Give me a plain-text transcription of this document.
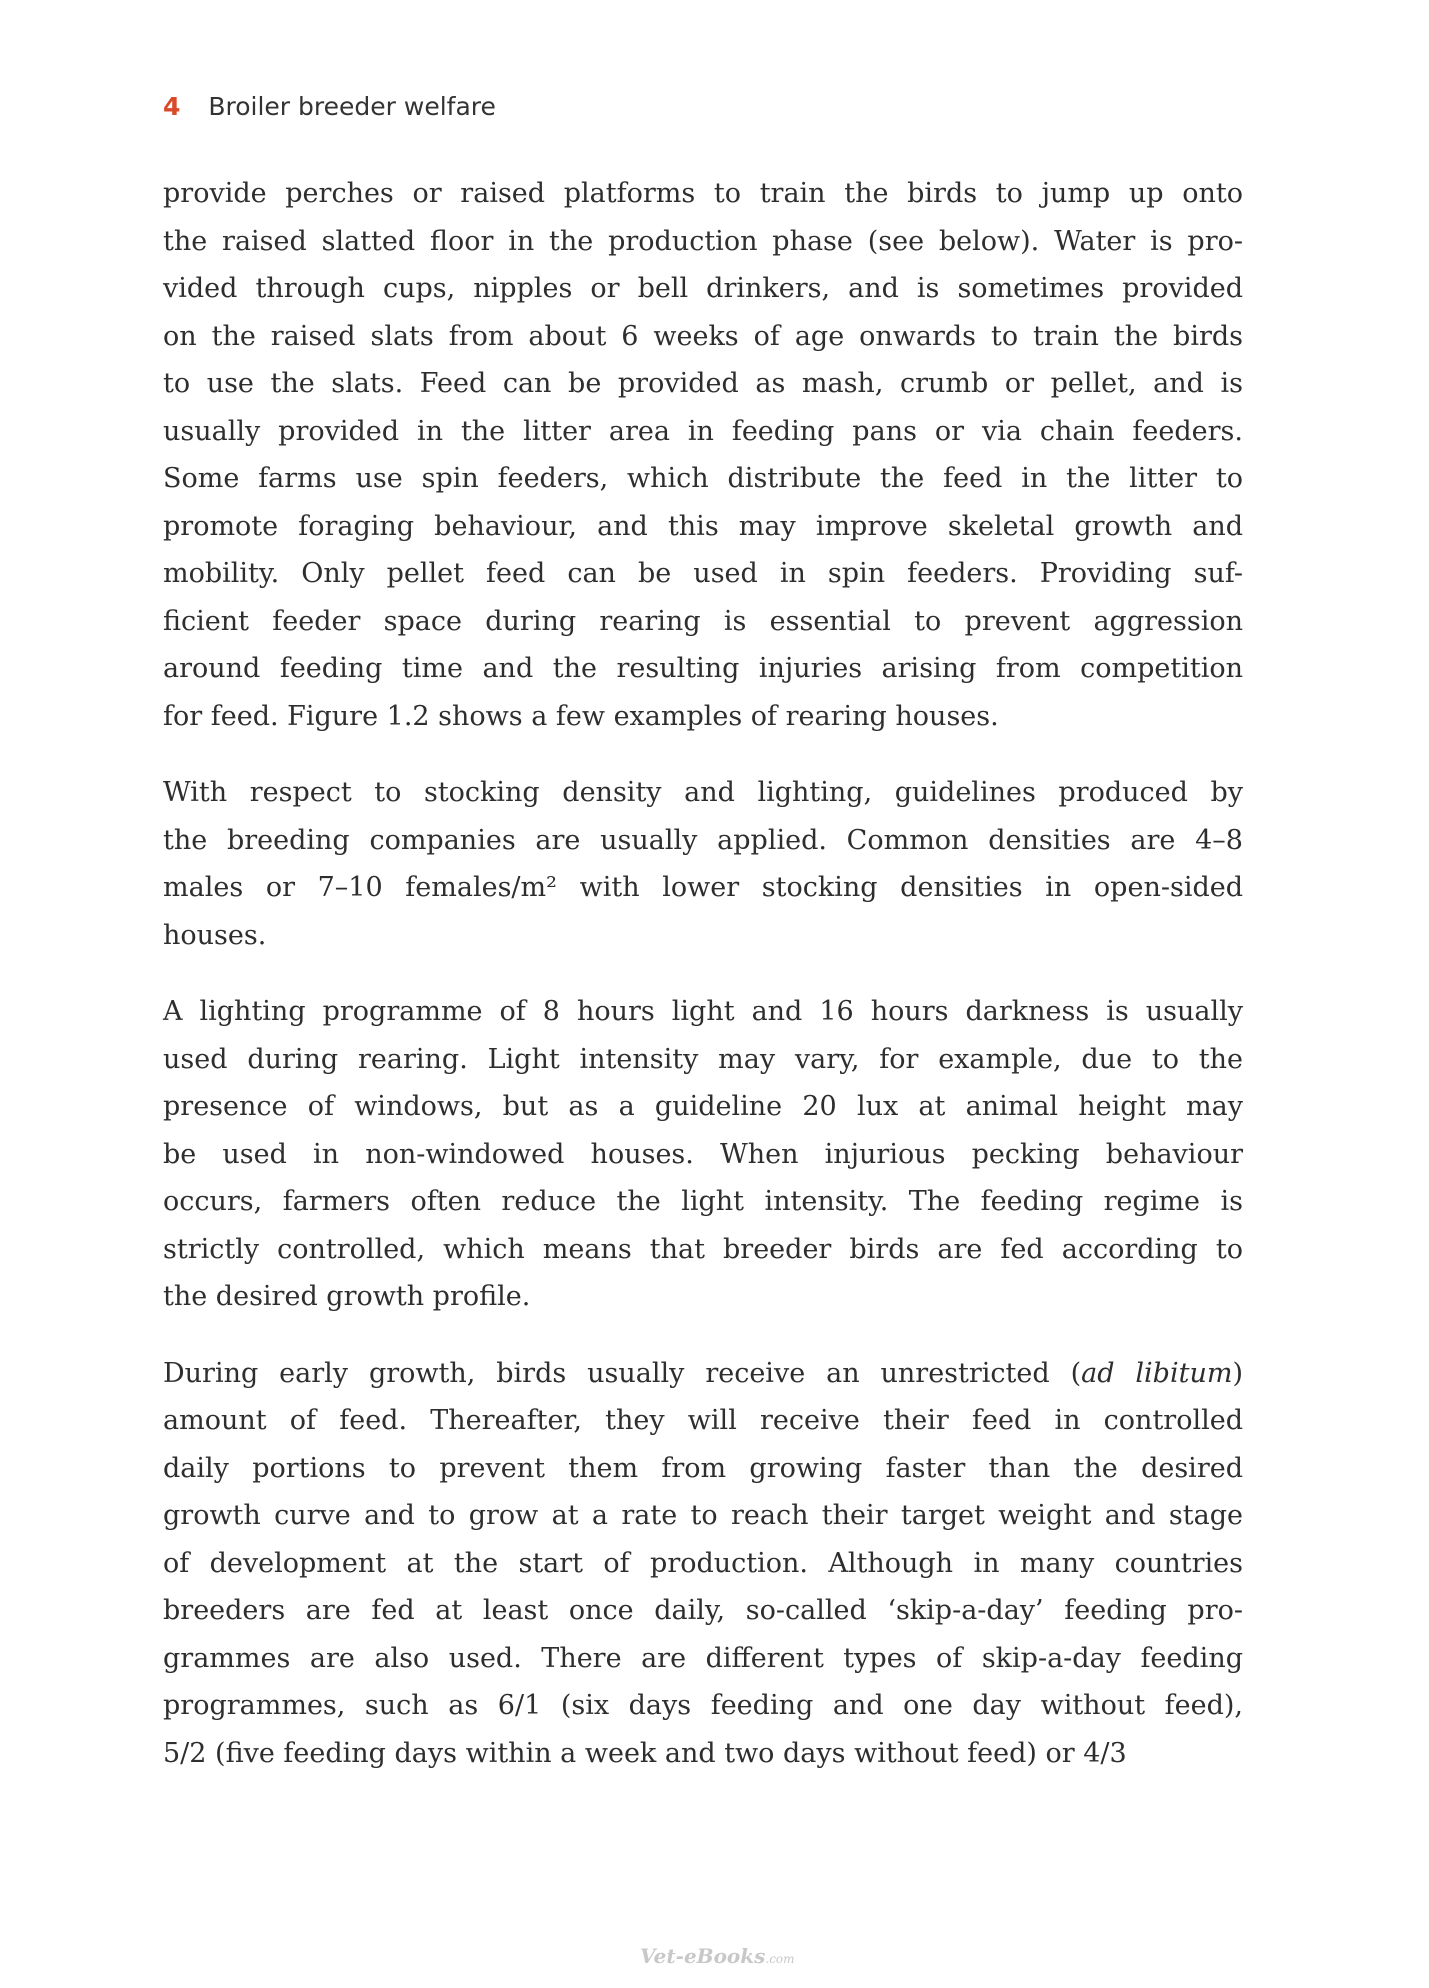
4 Broiler breeder welfare
provide perches or raised platforms to train the birds to jump up onto
the raised slatted floor in the production phase (see below). Water is pro-
vided through cups, nipples or bell drinkers, and is sometimes provided
on the raised slats from about 6 weeks of age onwards to train the birds
to use the slats. Feed can be provided as mash, crumb or pellet, and is
usually provided in the litter area in feeding pans or via chain feeders.
Some farms use spin feeders, which distribute the feed in the litter to
promote foraging behaviour, and this may improve skeletal growth and
mobility. Only pellet feed can be used in spin feeders. Providing suf-
ficient feeder space during rearing is essential to prevent aggression
around feeding time and the resulting injuries arising from competition
for feed. Figure 1.2 shows a few examples of rearing houses.
With respect to stocking density and lighting, guidelines produced by
the breeding companies are usually applied. Common densities are 4–8
males or 7–10 females/m² with lower stocking densities in open-sided
houses.
A lighting programme of 8 hours light and 16 hours darkness is usually
used during rearing. Light intensity may vary, for example, due to the
presence of windows, but as a guideline 20 lux at animal height may
be used in non-windowed houses. When injurious pecking behaviour
occurs, farmers often reduce the light intensity. The feeding regime is
strictly controlled, which means that breeder birds are fed according to
the desired growth profile.
During early growth, birds usually receive an unrestricted (ad libitum)
amount of feed. Thereafter, they will receive their feed in controlled
daily portions to prevent them from growing faster than the desired
growth curve and to grow at a rate to reach their target weight and stage
of development at the start of production. Although in many countries
breeders are fed at least once daily, so-called ‘skip-a-day’ feeding pro-
grammes are also used. There are different types of skip-a-day feeding
programmes, such as 6/1 (six days feeding and one day without feed),
5/2 (five feeding days within a week and two days without feed) or 4/3
Vet-eBooks.com
